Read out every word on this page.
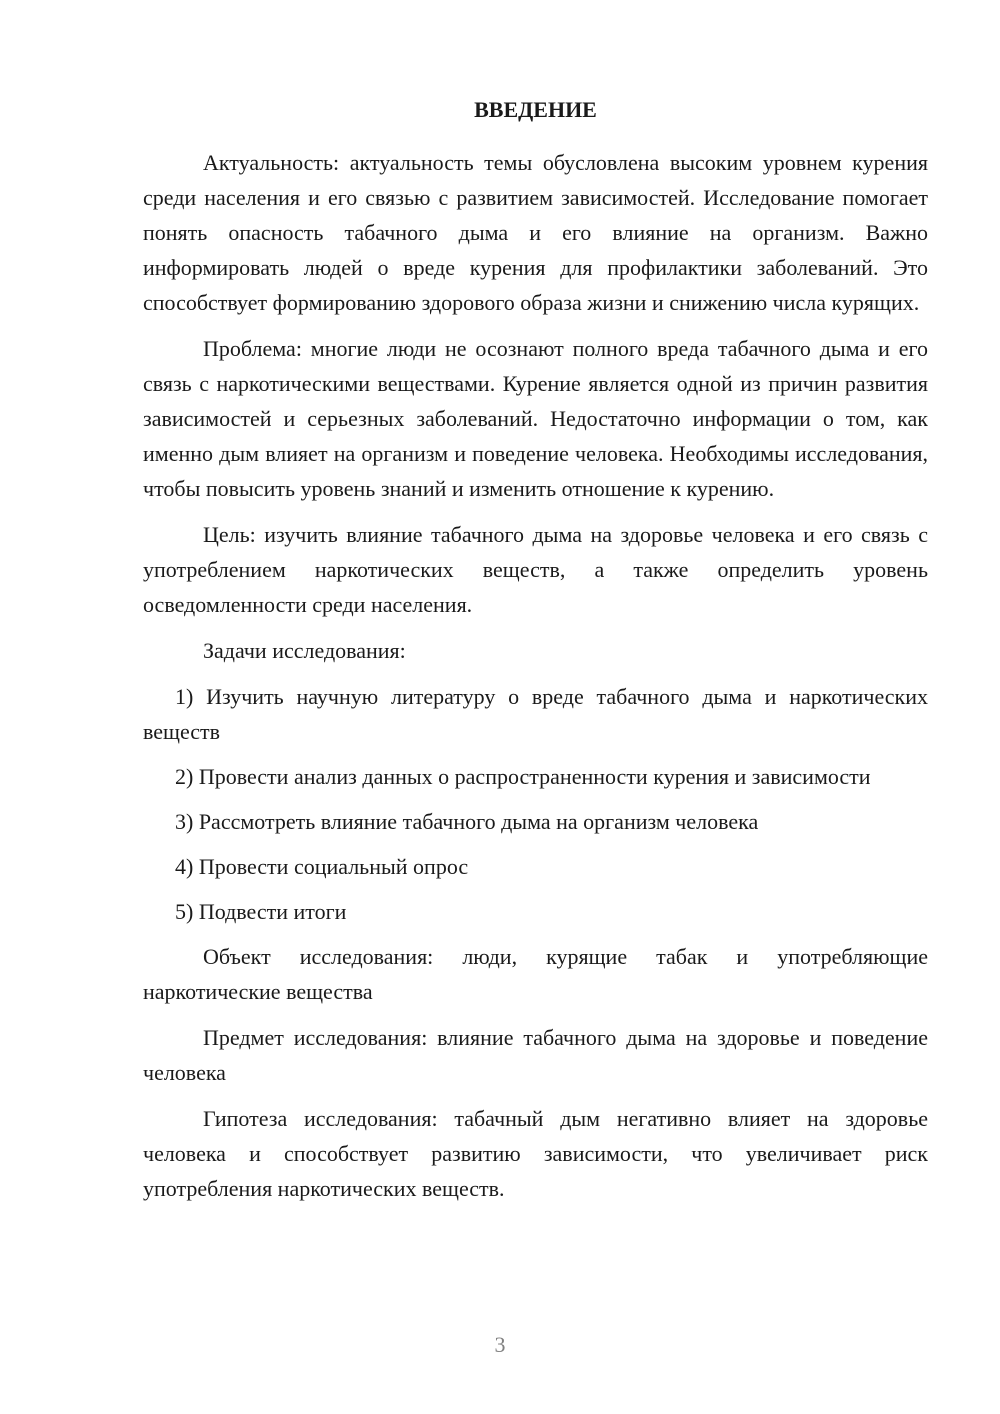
ВВЕДЕНИЕ

Актуальность: актуальность темы обусловлена высоким уровнем курения среди населения и его связью с развитием зависимостей. Исследование помогает понять опасность табачного дыма и его влияние на организм. Важно информировать людей о вреде курения для профилактики заболеваний. Это способствует формированию здорового образа жизни и снижению числа курящих.

Проблема: многие люди не осознают полного вреда табачного дыма и его связь с наркотическими веществами. Курение является одной из причин развития зависимостей и серьезных заболеваний. Недостаточно информации о том, как именно дым влияет на организм и поведение человека. Необходимы исследования, чтобы повысить уровень знаний и изменить отношение к курению.

Цель: изучить влияние табачного дыма на здоровье человека и его связь с употреблением наркотических веществ, а также определить уровень осведомленности среди населения.

Задачи исследования:

1) Изучить научную литературу о вреде табачного дыма и наркотических веществ

2) Провести анализ данных о распространенности курения и зависимости

3) Рассмотреть влияние табачного дыма на организм человека

4) Провести социальный опрос

5) Подвести итоги

Объект исследования: люди, курящие табак и употребляющие наркотические вещества

Предмет исследования: влияние табачного дыма на здоровье и поведение человека

Гипотеза исследования: табачный дым негативно влияет на здоровье человека и способствует развитию зависимости, что увеличивает риск употребления наркотических веществ.

3
